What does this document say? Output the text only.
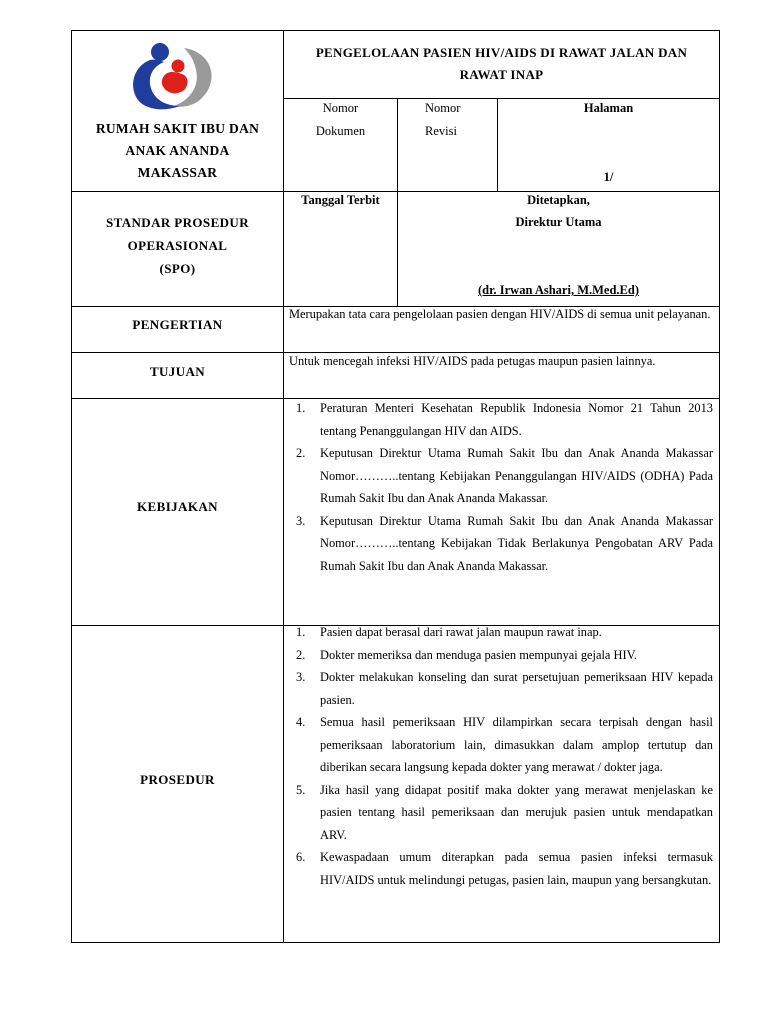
RUMAH SAKIT IBU DAN
ANAK ANANDA
MAKASSAR
PENGELOLAAN PASIEN HIV/AIDS DI RAWAT JALAN DAN
RAWAT INAP
Nomor
Dokumen
Nomor
Revisi
Halaman
1/
STANDAR PROSEDUR
OPERASIONAL
(SPO)
Tanggal Terbit	Ditetapkan,
Direktur Utama
(dr. Irwan Ashari, M.Med.Ed)
PENGERTIAN
Merupakan tata cara pengelolaan pasien dengan HIV/AIDS di semua unit pelayanan.
TUJUAN
Untuk mencegah infeksi HIV/AIDS pada petugas maupun pasien lainnya.
KEBIJAKAN
1. Peraturan Menteri Kesehatan Republik Indonesia Nomor 21 Tahun 2013 tentang Penanggulangan HIV dan AIDS.
2. Keputusan Direktur Utama Rumah Sakit Ibu dan Anak Ananda Makassar Nomor………..tentang Kebijakan Penanggulangan HIV/AIDS (ODHA) Pada Rumah Sakit Ibu dan Anak Ananda Makassar.
3. Keputusan Direktur Utama Rumah Sakit Ibu dan Anak Ananda Makassar Nomor………..tentang Kebijakan Tidak Berlakunya Pengobatan ARV Pada Rumah Sakit Ibu dan Anak Ananda Makassar.
PROSEDUR
1. Pasien dapat berasal dari rawat jalan maupun rawat inap.
2. Dokter memeriksa dan menduga pasien mempunyai gejala HIV.
3. Dokter melakukan konseling dan surat persetujuan pemeriksaan HIV kepada pasien.
4. Semua hasil pemeriksaan HIV dilampirkan secara terpisah dengan hasil pemeriksaan laboratorium lain, dimasukkan dalam amplop tertutup dan diberikan secara langsung kepada dokter yang merawat / dokter jaga.
5. Jika hasil yang didapat positif maka dokter yang merawat menjelaskan ke pasien tentang hasil pemeriksaan dan merujuk pasien untuk mendapatkan ARV.
6. Kewaspadaan umum diterapkan pada semua pasien infeksi termasuk HIV/AIDS untuk melindungi petugas, pasien lain, maupun yang bersangkutan.
